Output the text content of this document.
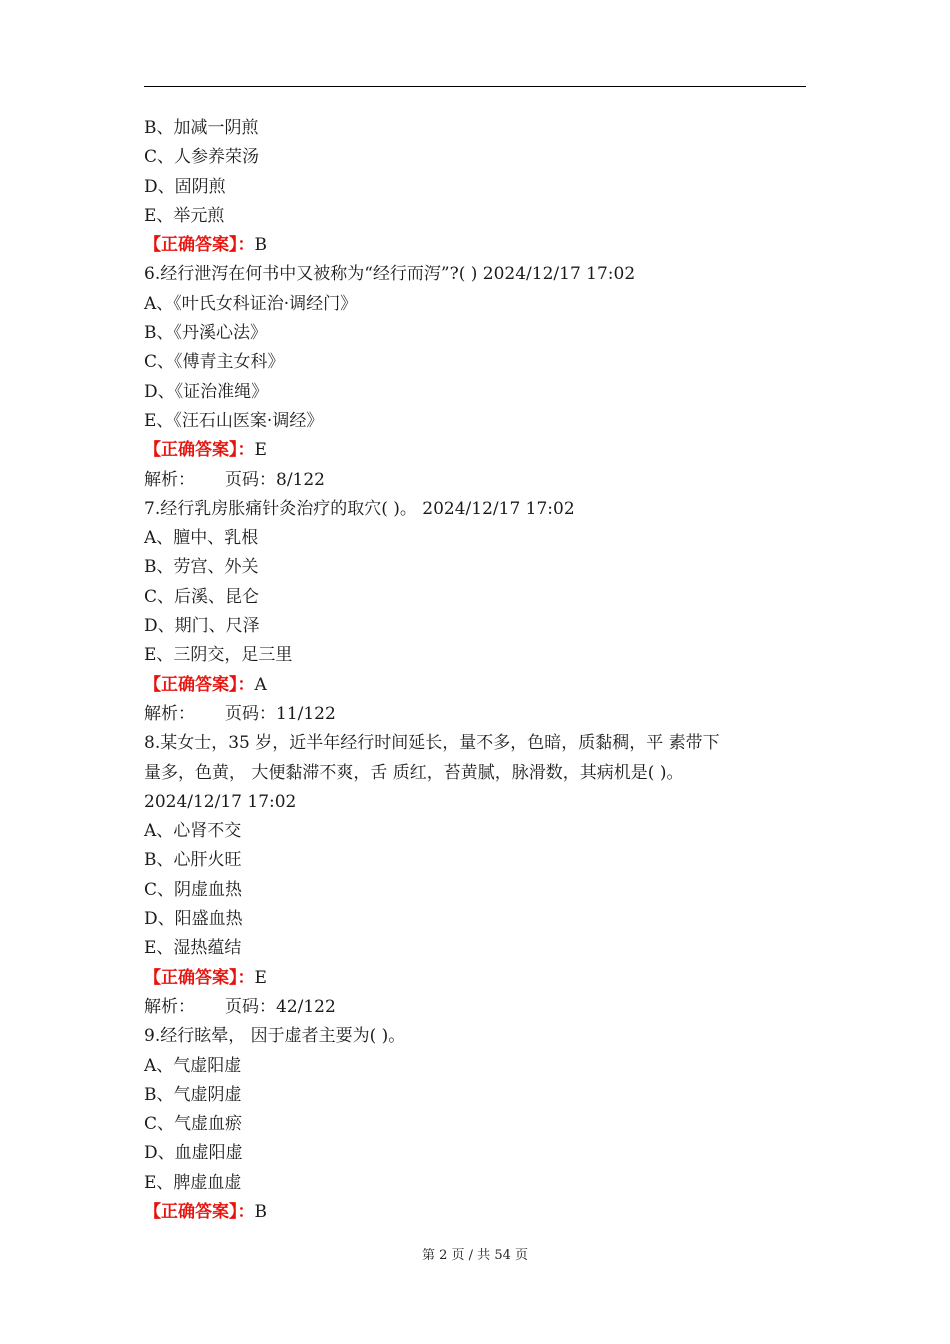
B、加减一阴煎
C、人参养荣汤
D、固阴煎
E、举元煎
【正确答案】：B
6.经行泄泻在何书中又被称为“经行而泻”?( ) 2024/12/17 17:02
A、《叶氏女科证治·调经门》
B、《丹溪心法》
C、《傅青主女科》
D、《证治准绳》
E、《汪石山医案·调经》
【正确答案】：E
解析： 页码：8/122
7.经行乳房胀痛针灸治疗的取穴( )。 2024/12/17 17:02
A、膻中、乳根
B、劳宫、外关
C、后溪、昆仑
D、期门、尺泽
E、三阴交，足三里
【正确答案】：A
解析： 页码：11/122
8.某女士，35 岁，近半年经行时间延长，量不多，色暗，质黏稠，平 素带下
量多，色黄， 大便黏滞不爽，舌 质红，苔黄腻，脉滑数，其病机是( )。
2024/12/17 17:02
A、心肾不交
B、心肝火旺
C、阴虚血热
D、阳盛血热
E、湿热蕴结
【正确答案】：E
解析： 页码：42/122
9.经行眩晕， 因于虚者主要为( )。
A、气虚阳虚
B、气虚阴虚
C、气虚血瘀
D、血虚阳虚
E、脾虚血虚
【正确答案】：B
第 2 页 / 共 54 页
